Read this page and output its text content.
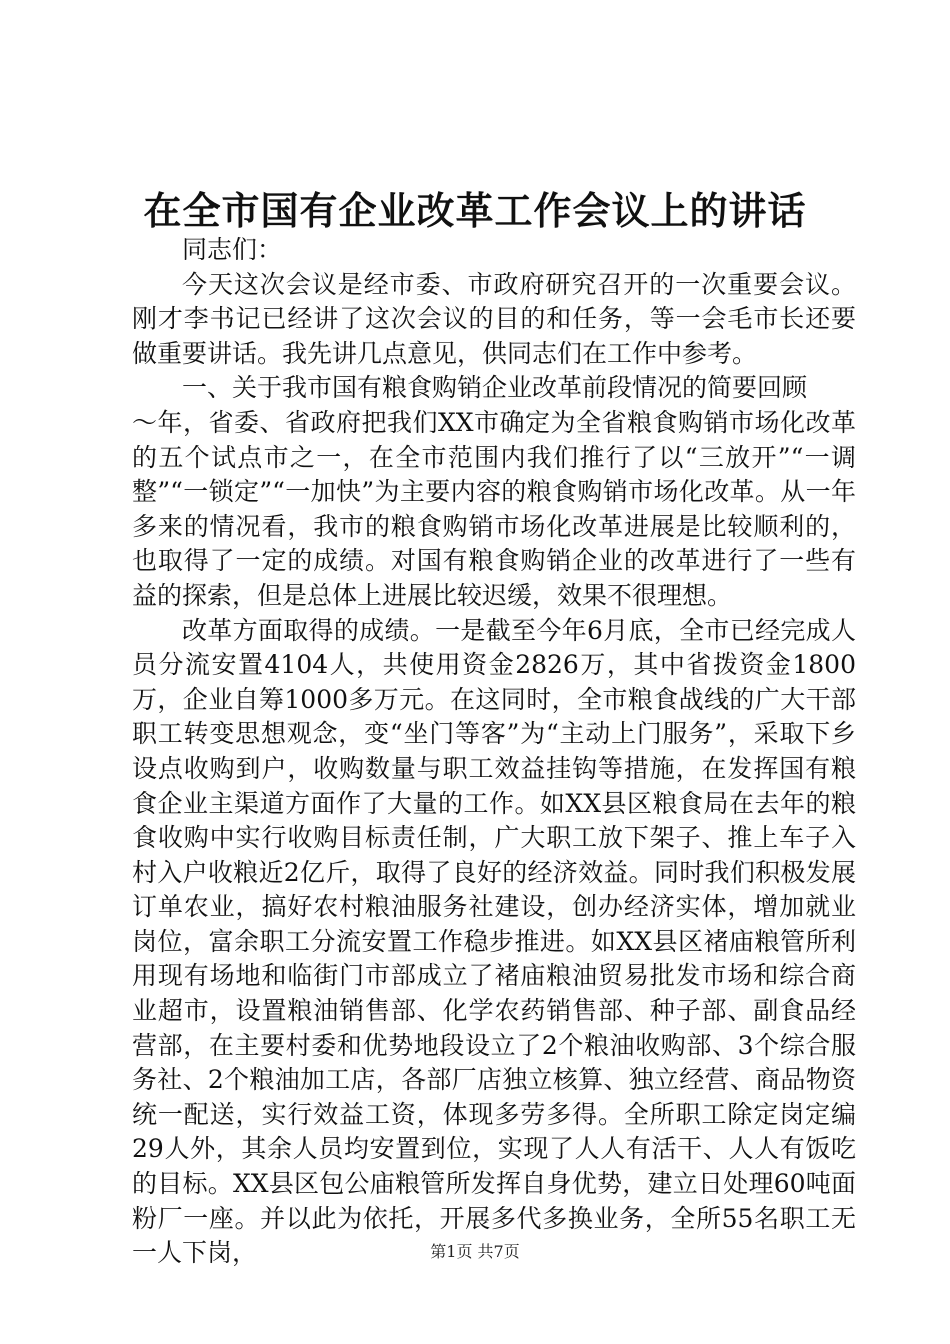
在全市国有企业改革工作会议上的讲话

同志们：

今天这次会议是经市委、市政府研究召开的一次重要会议。刚才李书记已经讲了这次会议的目的和任务，等一会毛市长还要做重要讲话。我先讲几点意见，供同志们在工作中参考。

一、关于我市国有粮食购销企业改革前段情况的简要回顾

～年，省委、省政府把我们XX市确定为全省粮食购销市场化改革的五个试点市之一，在全市范围内我们推行了以“三放开”“一调整”“一锁定”“一加快”为主要内容的粮食购销市场化改革。从一年多来的情况看，我市的粮食购销市场化改革进展是比较顺利的，也取得了一定的成绩。对国有粮食购销企业的改革进行了一些有益的探索，但是总体上进展比较迟缓，效果不很理想。

改革方面取得的成绩。一是截至今年6月底，全市已经完成人员分流安置4104人，共使用资金2826万，其中省拨资金1800万，企业自筹1000多万元。在这同时，全市粮食战线的广大干部职工转变思想观念，变“坐门等客”为“主动上门服务”，采取下乡设点收购到户，收购数量与职工效益挂钩等措施，在发挥国有粮食企业主渠道方面作了大量的工作。如XX县区粮食局在去年的粮食收购中实行收购目标责任制，广大职工放下架子、推上车子入村入户收粮近2亿斤，取得了良好的经济效益。同时我们积极发展订单农业，搞好农村粮油服务社建设，创办经济实体，增加就业岗位，富余职工分流安置工作稳步推进。如XX县区褚庙粮管所利用现有场地和临街门市部成立了褚庙粮油贸易批发市场和综合商业超市，设置粮油销售部、化学农药销售部、种子部、副食品经营部，在主要村委和优势地段设立了2个粮油收购部、3个综合服务社、2个粮油加工店，各部厂店独立核算、独立经营、商品物资统一配送，实行效益工资，体现多劳多得。全所职工除定岗定编29人外，其余人员均安置到位，实现了人人有活干、人人有饭吃的目标。XX县区包公庙粮管所发挥自身优势，建立日处理60吨面粉厂一座。并以此为依托，开展多代多换业务，全所55名职工无一人下岗，	第1页 共7页
